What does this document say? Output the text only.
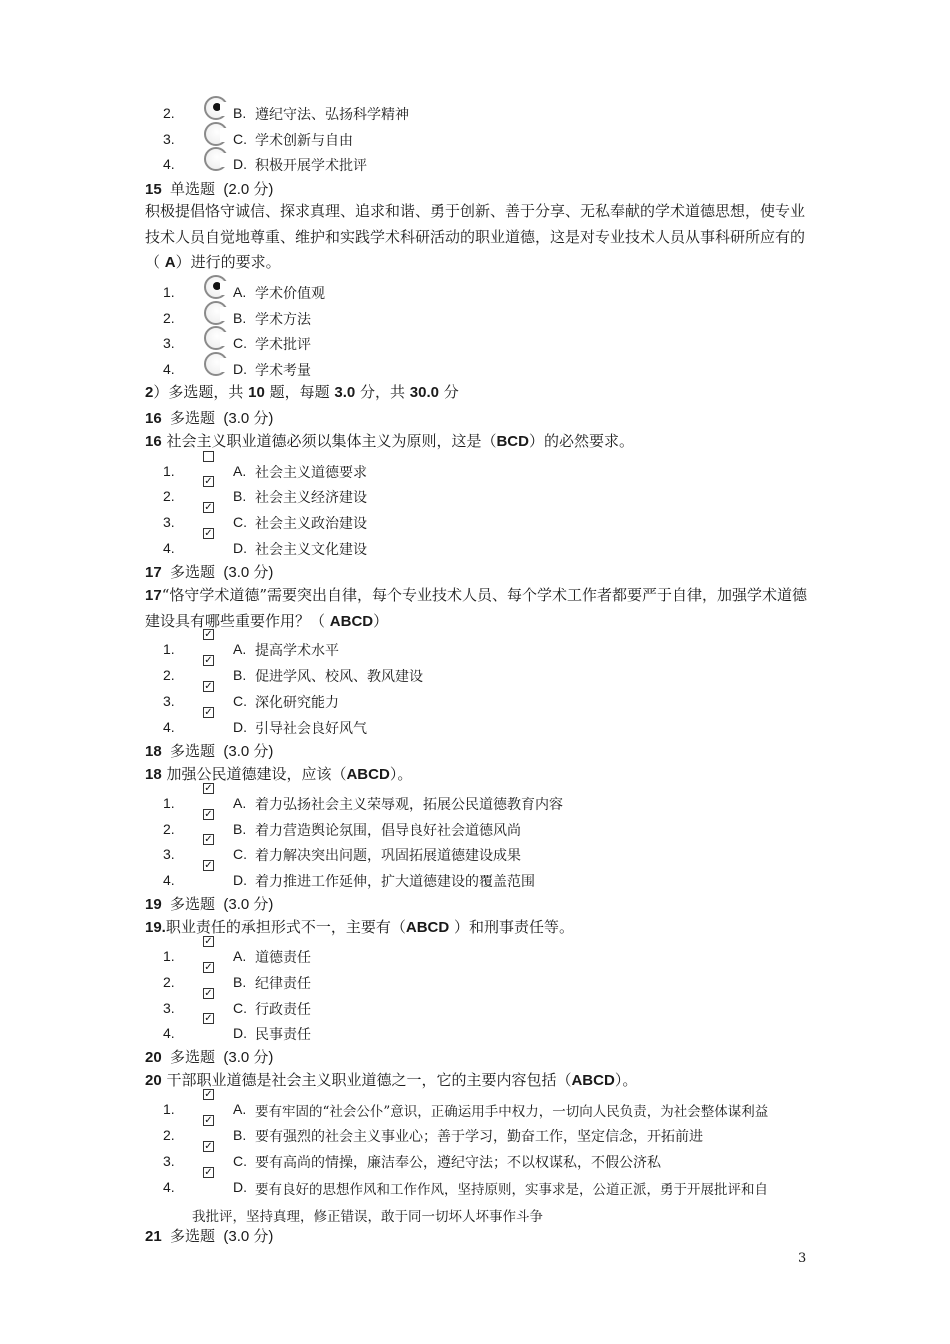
2.	B. 遵纪守法、弘扬科学精神
3.	C. 学术创新与自由
4.	D. 积极开展学术批评
15 单选题 (2.0 分)
积极提倡恪守诚信、探求真理、追求和谐、勇于创新、善于分享、无私奉献的学术道德思想，使专业技术人员自觉地尊重、维护和实践学术科研活动的职业道德，这是对专业技术人员从事科研所应有的（ A）进行的要求。
1.	A. 学术价值观
2.	B. 学术方法
3.	C. 学术批评
4.	D. 学术考量
2）多选题，共 10 题，每题 3.0 分，共 30.0 分
16 多选题 (3.0 分)
16 社会主义职业道德必须以集体主义为原则，这是（BCD）的必然要求。
1.	A. 社会主义道德要求
2.
✓
B. 社会主义经济建设
3.
✓
C. 社会主义政治建设
4.
✓
D. 社会主义文化建设
17 多选题 (3.0 分)
17“恪守学术道德”需要突出自律，每个专业技术人员、每个学术工作者都要严于自律，加强学术道德建设具有哪些重要作用？（ ABCD）
1.
✓
A. 提高学术水平
2.
✓
B. 促进学风、校风、教风建设
3.
✓
C. 深化研究能力
4.
✓
D. 引导社会良好风气
18 多选题 (3.0 分)
18 加强公民道德建设，应该（ABCD）。
1.
✓
A. 着力弘扬社会主义荣辱观，拓展公民道德教育内容
2.
✓
B. 着力营造舆论氛围，倡导良好社会道德风尚
3.
✓
C. 着力解决突出问题，巩固拓展道德建设成果
4.
✓
D. 着力推进工作延伸，扩大道德建设的覆盖范围
19 多选题 (3.0 分)
19.职业责任的承担形式不一，主要有（ABCD ）和刑事责任等。
1.
✓
A. 道德责任
2.
✓
B. 纪律责任
3.
✓
C. 行政责任
4.
✓
D. 民事责任
20 多选题 (3.0 分)
20 干部职业道德是社会主义职业道德之一，它的主要内容包括（ABCD）。
1.
✓
A. 要有牢固的“社会公仆”意识，正确运用手中权力，一切向人民负责，为社会整体谋利益
2.
✓
B. 要有强烈的社会主义事业心；善于学习，勤奋工作，坚定信念，开拓前进
3.
✓
C. 要有高尚的情操，廉洁奉公，遵纪守法；不以权谋私，不假公济私
4.
✓
D. 要有良好的思想作风和工作作风，坚持原则，实事求是，公道正派，勇于开展批评和自
我批评，坚持真理，修正错误，敢于同一切坏人坏事作斗争
21 多选题 (3.0 分)
3
